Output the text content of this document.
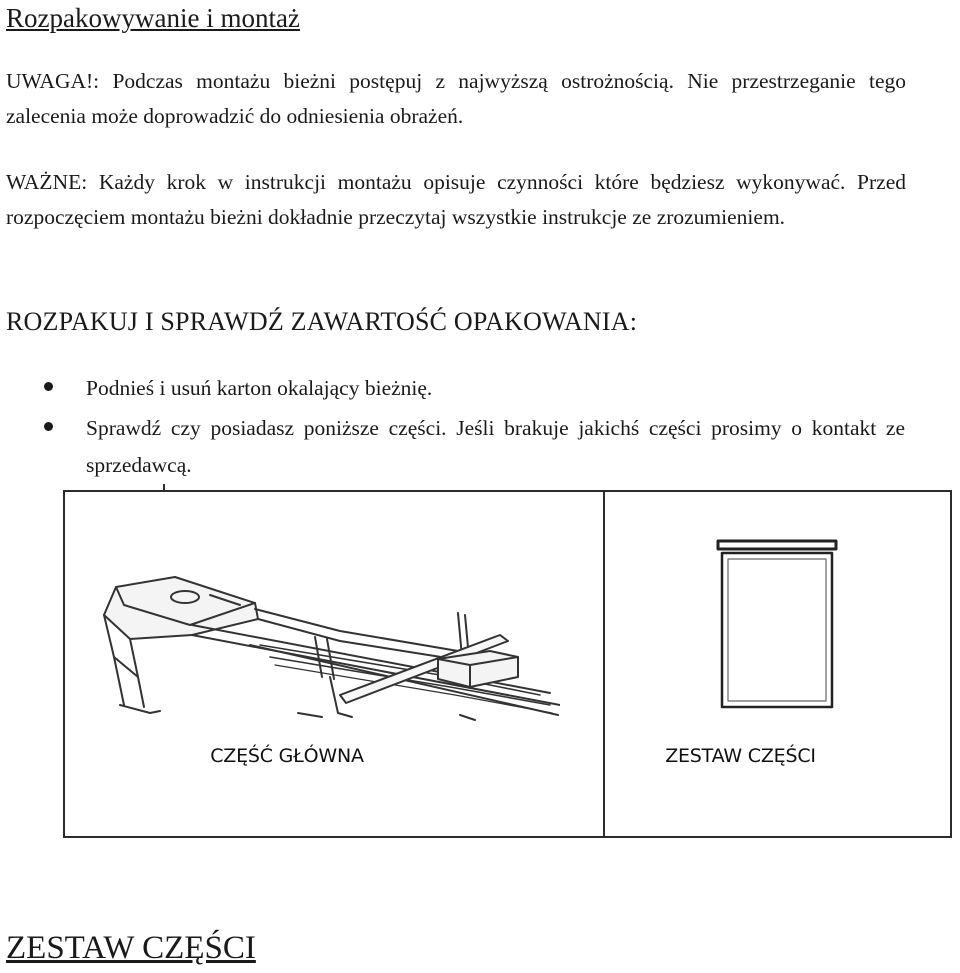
Rozpakowywanie i montaż

UWAGA!: Podczas montażu bieżni postępuj z najwyższą ostrożnością. Nie przestrzeganie tego zalecenia może doprowadzić do odniesienia obrażeń.

WAŻNE: Każdy krok w instrukcji montażu opisuje czynności które będziesz wykonywać. Przed rozpoczęciem montażu bieżni dokładnie przeczytaj wszystkie instrukcje ze zrozumieniem.

ROZPAKUJ I SPRAWDŹ ZAWARTOŚĆ OPAKOWANIA:
Podnieś i usuń karton okalający bieżnię.
Sprawdź czy posiadasz poniższe części. Jeśli brakuje jakichś części prosimy o kontakt ze sprzedawcą.
CZĘŚĆ GŁÓWNA	ZESTAW CZĘŚCI
ZESTAW CZĘŚCI
